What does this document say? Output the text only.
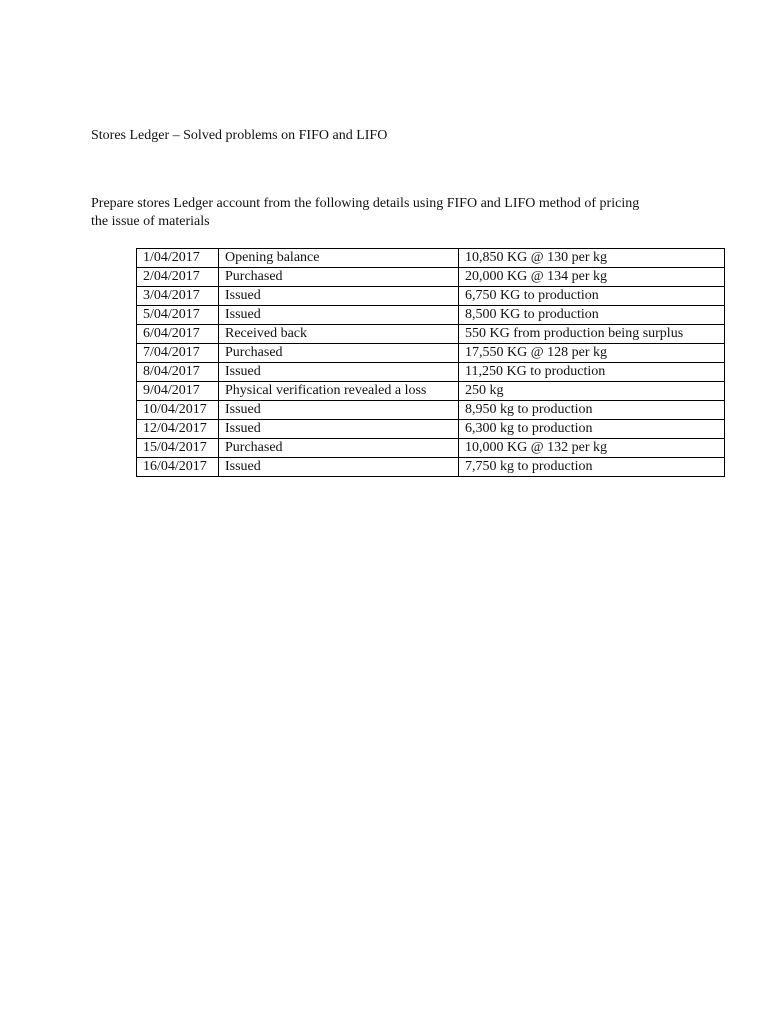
Stores Ledger – Solved problems on FIFO and LIFO
Prepare stores Ledger account from the following details using FIFO and LIFO method of pricing the issue of materials
1/04/2017	Opening balance	10,850 KG @ 130 per kg
2/04/2017	Purchased	20,000 KG @ 134 per kg
3/04/2017	Issued	6,750 KG to production
5/04/2017	Issued	8,500 KG to production
6/04/2017	Received back	550 KG from production being surplus
7/04/2017	Purchased	17,550 KG @ 128 per kg
8/04/2017	Issued	11,250 KG to production
9/04/2017	Physical verification revealed a loss	250 kg
10/04/2017	Issued	8,950 kg to production
12/04/2017	Issued	6,300 kg to production
15/04/2017	Purchased	10,000 KG @ 132 per kg
16/04/2017	Issued	7,750 kg to production
